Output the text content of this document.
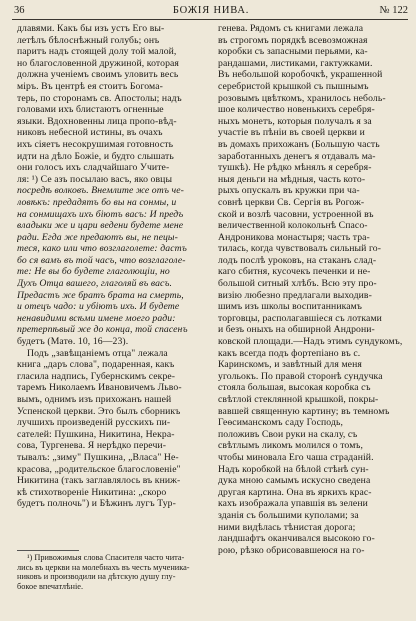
36	БОЖІЯ НИВА.	№ 122
длавями. Какъ бы изъ устъ Его вы-
летѣлъ бѣлоснѣжный голубь; онъ
паритъ надъ стоящей долу той малой,
но благословенной дружиной, которая
должна ученіемъ своимъ уловить весь
міръ. Въ центрѣ ея стоитъ Богома-
терь, по сторонамъ св. Апостолы; надъ
головами ихъ блистаютъ огненные
языки. Вдохновенны лица пропо-вѣд-
никовъ небесной истины, въ очахъ
ихъ сіяетъ несокрушимая готовность
идти на дѣло Божіе, и будто слышать
они голосъ ихъ сладчайшаго Учите-
ля: ¹) Се азъ посылаю васъ, яко овцы
посредѣ волковъ. Внемлите же отъ че-
ловѣкъ: предадятъ бо вы на сонмы, и
на сонмищахъ ихъ біютъ васъ: И предъ
владыки же и цари ведени будете мене
ради. Егда же предаютъ вы, не пецы-
теся, како или что возглаголете: дастъ
бо ся вамъ въ той часъ, что возглаголе-
те: Не вы бо будете глаголющіи, но
Духъ Отца вашего, глаголяй въ васъ.
Предастъ же братъ брата на смерть,
и отецъ чадо: и убіютъ ихъ. И будете
ненавидими всѣми имене моего ради:
претерпѣвый же до конца, той спасенъ
будетъ (Матѳ. 10, 16—23).
Подъ „завѣщаніемъ отца" лежала
книга „даръ слова", подаренная, какъ
гласила надпись, Губернскимъ секре-
таремъ Николаемъ Ивановичемъ Льво-
вымъ, однимъ изъ прихожанъ нашей
Успенской церкви. Это былъ сборникъ
лучшихъ произведеній русскихъ пи-
сателей: Пушкина, Никитина, Некра-
сова, Тургенева. Я нерѣдко перечи-
тывалъ: „зиму" Пушкина, „Власа" Не-
красова, „родительское благословеніе"
Никитина (такъ заглавлялось въ книж-
кѣ стихотвореніе Никитина: „скоро
будетъ полночь") и Бѣжинъ лугъ Тур-
генева. Рядомъ съ книгами лежала
въ строгомъ порядкѣ всевозможная
коробки съ запасными перьями, ка-
рандашами, листиками, гактужками.
Въ небольшой коробочкѣ, украшенной
серебристой крышкой съ пышнымъ
розовымъ цвѣткомъ, хранилось неболь-
шое количество новенькихъ серебря-
ныхъ монетъ, которыя получалъ я за
участіе въ пѣніи въ своей церкви и
въ домахъ прихожанъ (Большую часть
заработанныхъ денегъ я отдавалъ ма-
тушкѣ). Не рѣдко мѣнялъ я серебря-
ныя деньги на мѣдныя, часть кото-
рыхъ опускалъ въ кружки при ча-
совнѣ церкви Св. Сергія въ Рогож-
ской и возлѣ часовни, устроенной въ
величественной колокольнѣ Спасо-
Андроникова монастыря; часть тра-
тилась, когда чувствовалъ сильный го-
лодъ послѣ уроковъ, на стаканъ слад-
каго сбитня, кусочекъ печенки и не-
большой ситный хлѣбъ. Всю эту про-
визію любезно предлагали выходив-
шимъ изъ школы воспитанникамъ
торговцы, располагавшіеся съ лотками
и безъ оныхъ на обширной Андрони-
ковской площади.—Надъ этимъ сундукомъ,
какъ всегда подъ фортепіано въ с.
Каринскомъ, и завѣтный для меня
угольокъ. По правой сторонѣ сундучка
стояла большая, высокая коробка съ
свѣтлой стеклянной крышкой, покры-
вавшей священную картину; въ темномъ
Геѳсиманскомъ саду Господь,
положивъ Свои руки на скалу, съ
свѣтлымъ ликомъ молился о томъ,
чтобы миновала Его чаша страданій.
Надъ коробкой на бѣлой стѣнѣ сун-
дука мною самымъ искусно сведена
другая картина. Она въ яркихъ крас-
кахъ изображала упавшія въ зелени
зданія съ большими куполами; за
ними видѣлась тѣнистая дорога;
ландшафтъ оканчивался высокою го-
рою, рѣзко обрисовавшеюся на го-
¹) Привожимыя слова Спасителя часто чита-
лись въ церкви на молебнахъ въ честь мученика-
никовъ и производили на дѣтскую душу глу-
бокое впечатлѣніе.
